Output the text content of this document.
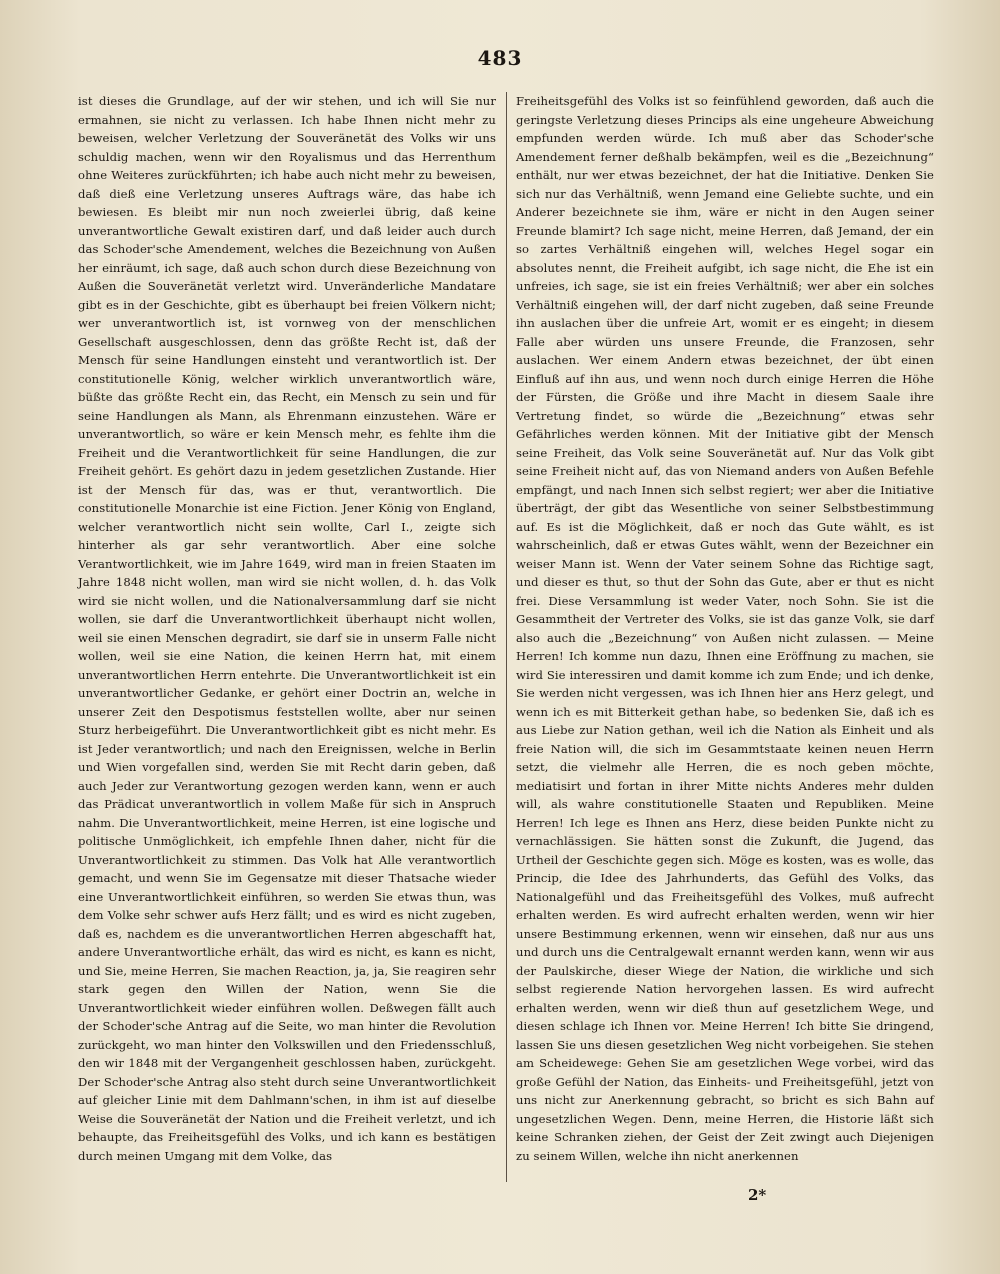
483

ist dieses die Grundlage, auf der wir stehen, und ich will Sie nur ermahnen, sie nicht zu verlassen. Ich habe Ihnen nicht mehr zu beweisen, welcher Verletzung der Souveränetät des Volks wir uns schuldig machen, wenn wir den Royalismus und das Herrenthum ohne Weiteres zurückführten; ich habe auch nicht mehr zu beweisen, daß dieß eine Verletzung unseres Auftrags wäre, das habe ich bewiesen. Es bleibt mir nun noch zweierlei übrig, daß keine unverantwortliche Gewalt existiren darf, und daß leider auch durch das Schoder'sche Amendement, welches die Bezeichnung von Außen her einräumt, ich sage, daß auch schon durch diese Bezeichnung von Außen die Souveränetät verletzt wird. Unveränderliche Mandatare gibt es in der Geschichte, gibt es überhaupt bei freien Völkern nicht; wer unverantwortlich ist, ist vornweg von der menschlichen Gesellschaft ausgeschlossen, denn das größte Recht ist, daß der Mensch für seine Handlungen einsteht und verantwortlich ist. Der constitutionelle König, welcher wirklich unverantwortlich wäre, büßte das größte Recht ein, das Recht, ein Mensch zu sein und für seine Handlungen als Mann, als Ehrenmann einzustehen. Wäre er unverantwortlich, so wäre er kein Mensch mehr, es fehlte ihm die Freiheit und die Verantwortlichkeit für seine Handlungen, die zur Freiheit gehört. Es gehört dazu in jedem gesetzlichen Zustande. Hier ist der Mensch für das, was er thut, verantwortlich. Die constitutionelle Monarchie ist eine Fiction. Jener König von England, welcher verantwortlich nicht sein wollte, Carl I., zeigte sich hinterher als gar sehr verantwortlich. Aber eine solche Verantwortlichkeit, wie im Jahre 1649, wird man in freien Staaten im Jahre 1848 nicht wollen, man wird sie nicht wollen, d. h. das Volk wird sie nicht wollen, und die Nationalversammlung darf sie nicht wollen, sie darf die Unverantwortlichkeit überhaupt nicht wollen, weil sie einen Menschen degradirt, sie darf sie in unserm Falle nicht wollen, weil sie eine Nation, die keinen Herrn hat, mit einem unverantwortlichen Herrn entehrte. Die Unverantwortlichkeit ist ein unverantwortlicher Gedanke, er gehört einer Doctrin an, welche in unserer Zeit den Despotismus feststellen wollte, aber nur seinen Sturz herbeigeführt. Die Unverantwortlichkeit gibt es nicht mehr. Es ist Jeder verantwortlich; und nach den Ereignissen, welche in Berlin und Wien vorgefallen sind, werden Sie mit Recht darin geben, daß auch Jeder zur Verantwortung gezogen werden kann, wenn er auch das Prädicat unverantwortlich in vollem Maße für sich in Anspruch nahm. Die Unverantwortlichkeit, meine Herren, ist eine logische und politische Unmöglichkeit, ich empfehle Ihnen daher, nicht für die Unverantwortlichkeit zu stimmen. Das Volk hat Alle verantwortlich gemacht, und wenn Sie im Gegensatze mit dieser Thatsache wieder eine Unverantwortlichkeit einführen, so werden Sie etwas thun, was dem Volke sehr schwer aufs Herz fällt; und es wird es nicht zugeben, daß es, nachdem es die unverantwortlichen Herren abgeschafft hat, andere Unverantwortliche erhält, das wird es nicht, es kann es nicht, und Sie, meine Herren, Sie machen Reaction, ja, ja, Sie reagiren sehr stark gegen den Willen der Nation, wenn Sie die Unverantwortlichkeit wieder einführen wollen. Deßwegen fällt auch der Schoder'sche Antrag auf die Seite, wo man hinter die Revolution zurückgeht, wo man hinter den Volkswillen und den Friedensschluß, den wir 1848 mit der Vergangenheit geschlossen haben, zurückgeht. Der Schoder'sche Antrag also steht durch seine Unverantwortlichkeit auf gleicher Linie mit dem Dahlmann'schen, in ihm ist auf dieselbe Weise die Souveränetät der Nation und die Freiheit verletzt, und ich behaupte, das Freiheitsgefühl des Volks, und ich kann es bestätigen durch meinen Umgang mit dem Volke, das

Freiheitsgefühl des Volks ist so feinfühlend geworden, daß auch die geringste Verletzung dieses Princips als eine ungeheure Abweichung empfunden werden würde. Ich muß aber das Schoder'sche Amendement ferner deßhalb bekämpfen, weil es die „Bezeichnung“ enthält, nur wer etwas bezeichnet, der hat die Initiative. Denken Sie sich nur das Verhältniß, wenn Jemand eine Geliebte suchte, und ein Anderer bezeichnete sie ihm, wäre er nicht in den Augen seiner Freunde blamirt? Ich sage nicht, meine Herren, daß Jemand, der ein so zartes Verhältniß eingehen will, welches Hegel sogar ein absolutes nennt, die Freiheit aufgibt, ich sage nicht, die Ehe ist ein unfreies, ich sage, sie ist ein freies Verhältniß; wer aber ein solches Verhältniß eingehen will, der darf nicht zugeben, daß seine Freunde ihn auslachen über die unfreie Art, womit er es eingeht; in diesem Falle aber würden uns unsere Freunde, die Franzosen, sehr auslachen. Wer einem Andern etwas bezeichnet, der übt einen Einfluß auf ihn aus, und wenn noch durch einige Herren die Höhe der Fürsten, die Größe und ihre Macht in diesem Saale ihre Vertretung findet, so würde die „Bezeichnung“ etwas sehr Gefährliches werden können. Mit der Initiative gibt der Mensch seine Freiheit, das Volk seine Souveränetät auf. Nur das Volk gibt seine Freiheit nicht auf, das von Niemand anders von Außen Befehle empfängt, und nach Innen sich selbst regiert; wer aber die Initiative überträgt, der gibt das Wesentliche von seiner Selbstbestimmung auf. Es ist die Möglichkeit, daß er noch das Gute wählt, es ist wahrscheinlich, daß er etwas Gutes wählt, wenn der Bezeichner ein weiser Mann ist. Wenn der Vater seinem Sohne das Richtige sagt, und dieser es thut, so thut der Sohn das Gute, aber er thut es nicht frei. Diese Versammlung ist weder Vater, noch Sohn. Sie ist die Gesammtheit der Vertreter des Volks, sie ist das ganze Volk, sie darf also auch die „Bezeichnung“ von Außen nicht zulassen. — Meine Herren! Ich komme nun dazu, Ihnen eine Eröffnung zu machen, sie wird Sie interessiren und damit komme ich zum Ende; und ich denke, Sie werden nicht vergessen, was ich Ihnen hier ans Herz gelegt, und wenn ich es mit Bitterkeit gethan habe, so bedenken Sie, daß ich es aus Liebe zur Nation gethan, weil ich die Nation als Einheit und als freie Nation will, die sich im Gesammtstaate keinen neuen Herrn setzt, die vielmehr alle Herren, die es noch geben möchte, mediatisirt und fortan in ihrer Mitte nichts Anderes mehr dulden will, als wahre constitutionelle Staaten und Republiken. Meine Herren! Ich lege es Ihnen ans Herz, diese beiden Punkte nicht zu vernachlässigen. Sie hätten sonst die Zukunft, die Jugend, das Urtheil der Geschichte gegen sich. Möge es kosten, was es wolle, das Princip, die Idee des Jahrhunderts, das Gefühl des Volks, das Nationalgefühl und das Freiheitsgefühl des Volkes, muß aufrecht erhalten werden. Es wird aufrecht erhalten werden, wenn wir hier unsere Bestimmung erkennen, wenn wir einsehen, daß nur aus uns und durch uns die Centralgewalt ernannt werden kann, wenn wir aus der Paulskirche, dieser Wiege der Nation, die wirkliche und sich selbst regierende Nation hervorgehen lassen. Es wird aufrecht erhalten werden, wenn wir dieß thun auf gesetzlichem Wege, und diesen schlage ich Ihnen vor. Meine Herren! Ich bitte Sie dringend, lassen Sie uns diesen gesetzlichen Weg nicht vorbeigehen. Sie stehen am Scheidewege: Gehen Sie am gesetzlichen Wege vorbei, wird das große Gefühl der Nation, das Einheits- und Freiheitsgefühl, jetzt von uns nicht zur Anerkennung gebracht, so bricht es sich Bahn auf ungesetzlichen Wegen. Denn, meine Herren, die Historie läßt sich keine Schranken ziehen, der Geist der Zeit zwingt auch Diejenigen zu seinem Willen, welche ihn nicht anerkennen

2*
